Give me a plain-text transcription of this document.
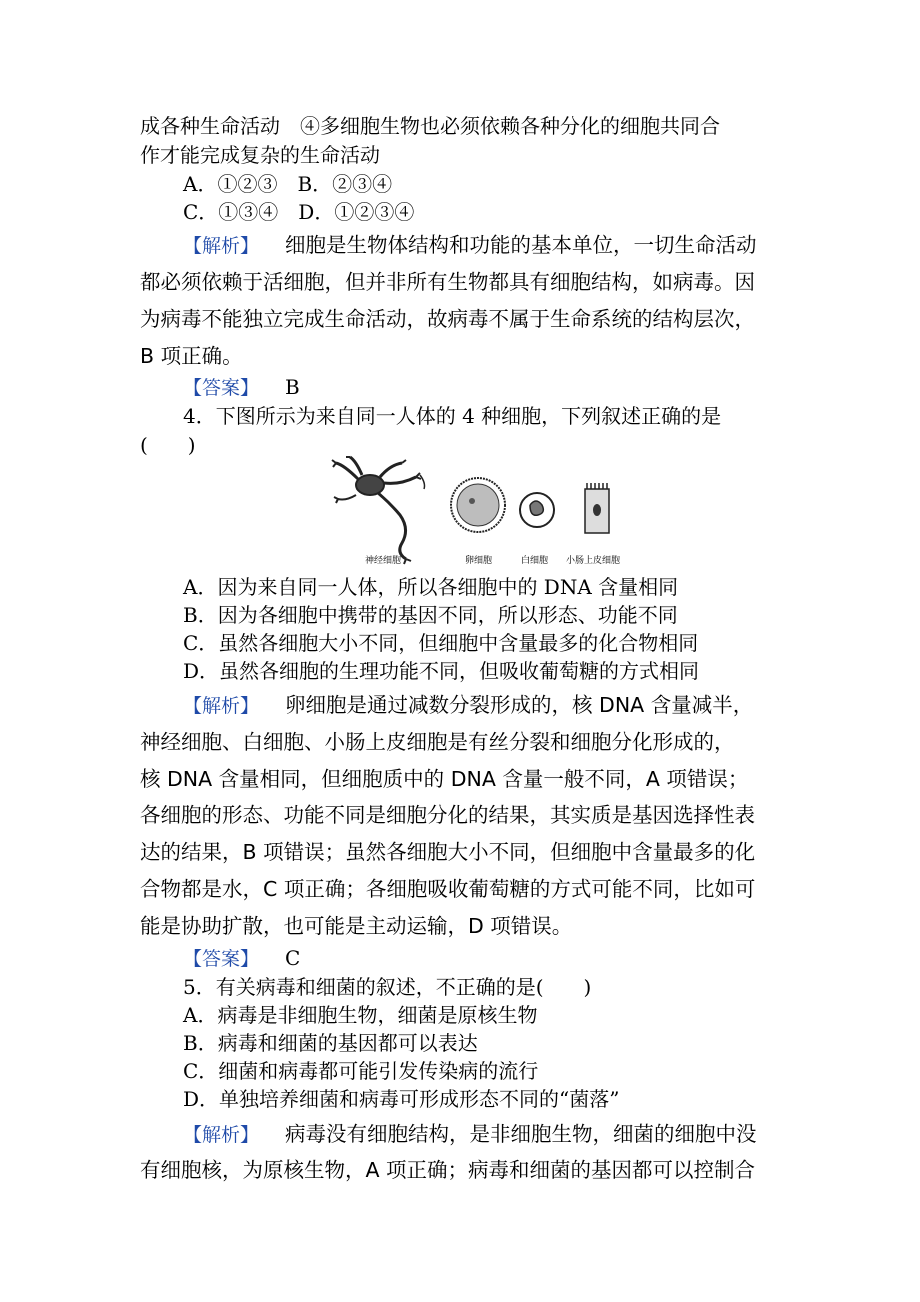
成各种生命活动　④多细胞生物也必须依赖各种分化的细胞共同合
作才能完成复杂的生命活动
A．①②③　B．②③④
C．①③④　D．①②③④
【解析】 细胞是生物体结构和功能的基本单位，一切生命活动
都必须依赖于活细胞，但并非所有生物都具有细胞结构，如病毒。因
为病毒不能独立完成生命活动，故病毒不属于生命系统的结构层次，
B 项正确。
【答案】 B
4．下图所示为来自同一人体的 4 种细胞，下列叙述正确的是
(　　)
神经细胞	卵细胞	白细胞 小肠上皮细胞
A．因为来自同一人体，所以各细胞中的 DNA 含量相同
B．因为各细胞中携带的基因不同，所以形态、功能不同
C．虽然各细胞大小不同，但细胞中含量最多的化合物相同
D．虽然各细胞的生理功能不同，但吸收葡萄糖的方式相同
【解析】 卵细胞是通过减数分裂形成的，核 DNA 含量减半，
神经细胞、白细胞、小肠上皮细胞是有丝分裂和细胞分化形成的，
核 DNA 含量相同，但细胞质中的 DNA 含量一般不同，A 项错误；
各细胞的形态、功能不同是细胞分化的结果，其实质是基因选择性表
达的结果，B 项错误；虽然各细胞大小不同，但细胞中含量最多的化
合物都是水，C 项正确；各细胞吸收葡萄糖的方式可能不同，比如可
能是协助扩散，也可能是主动运输，D 项错误。
【答案】 C
5．有关病毒和细菌的叙述，不正确的是(　　)
A．病毒是非细胞生物，细菌是原核生物
B．病毒和细菌的基因都可以表达
C．细菌和病毒都可能引发传染病的流行
D．单独培养细菌和病毒可形成形态不同的“菌落”
【解析】 病毒没有细胞结构，是非细胞生物，细菌的细胞中没
有细胞核，为原核生物，A 项正确；病毒和细菌的基因都可以控制合
